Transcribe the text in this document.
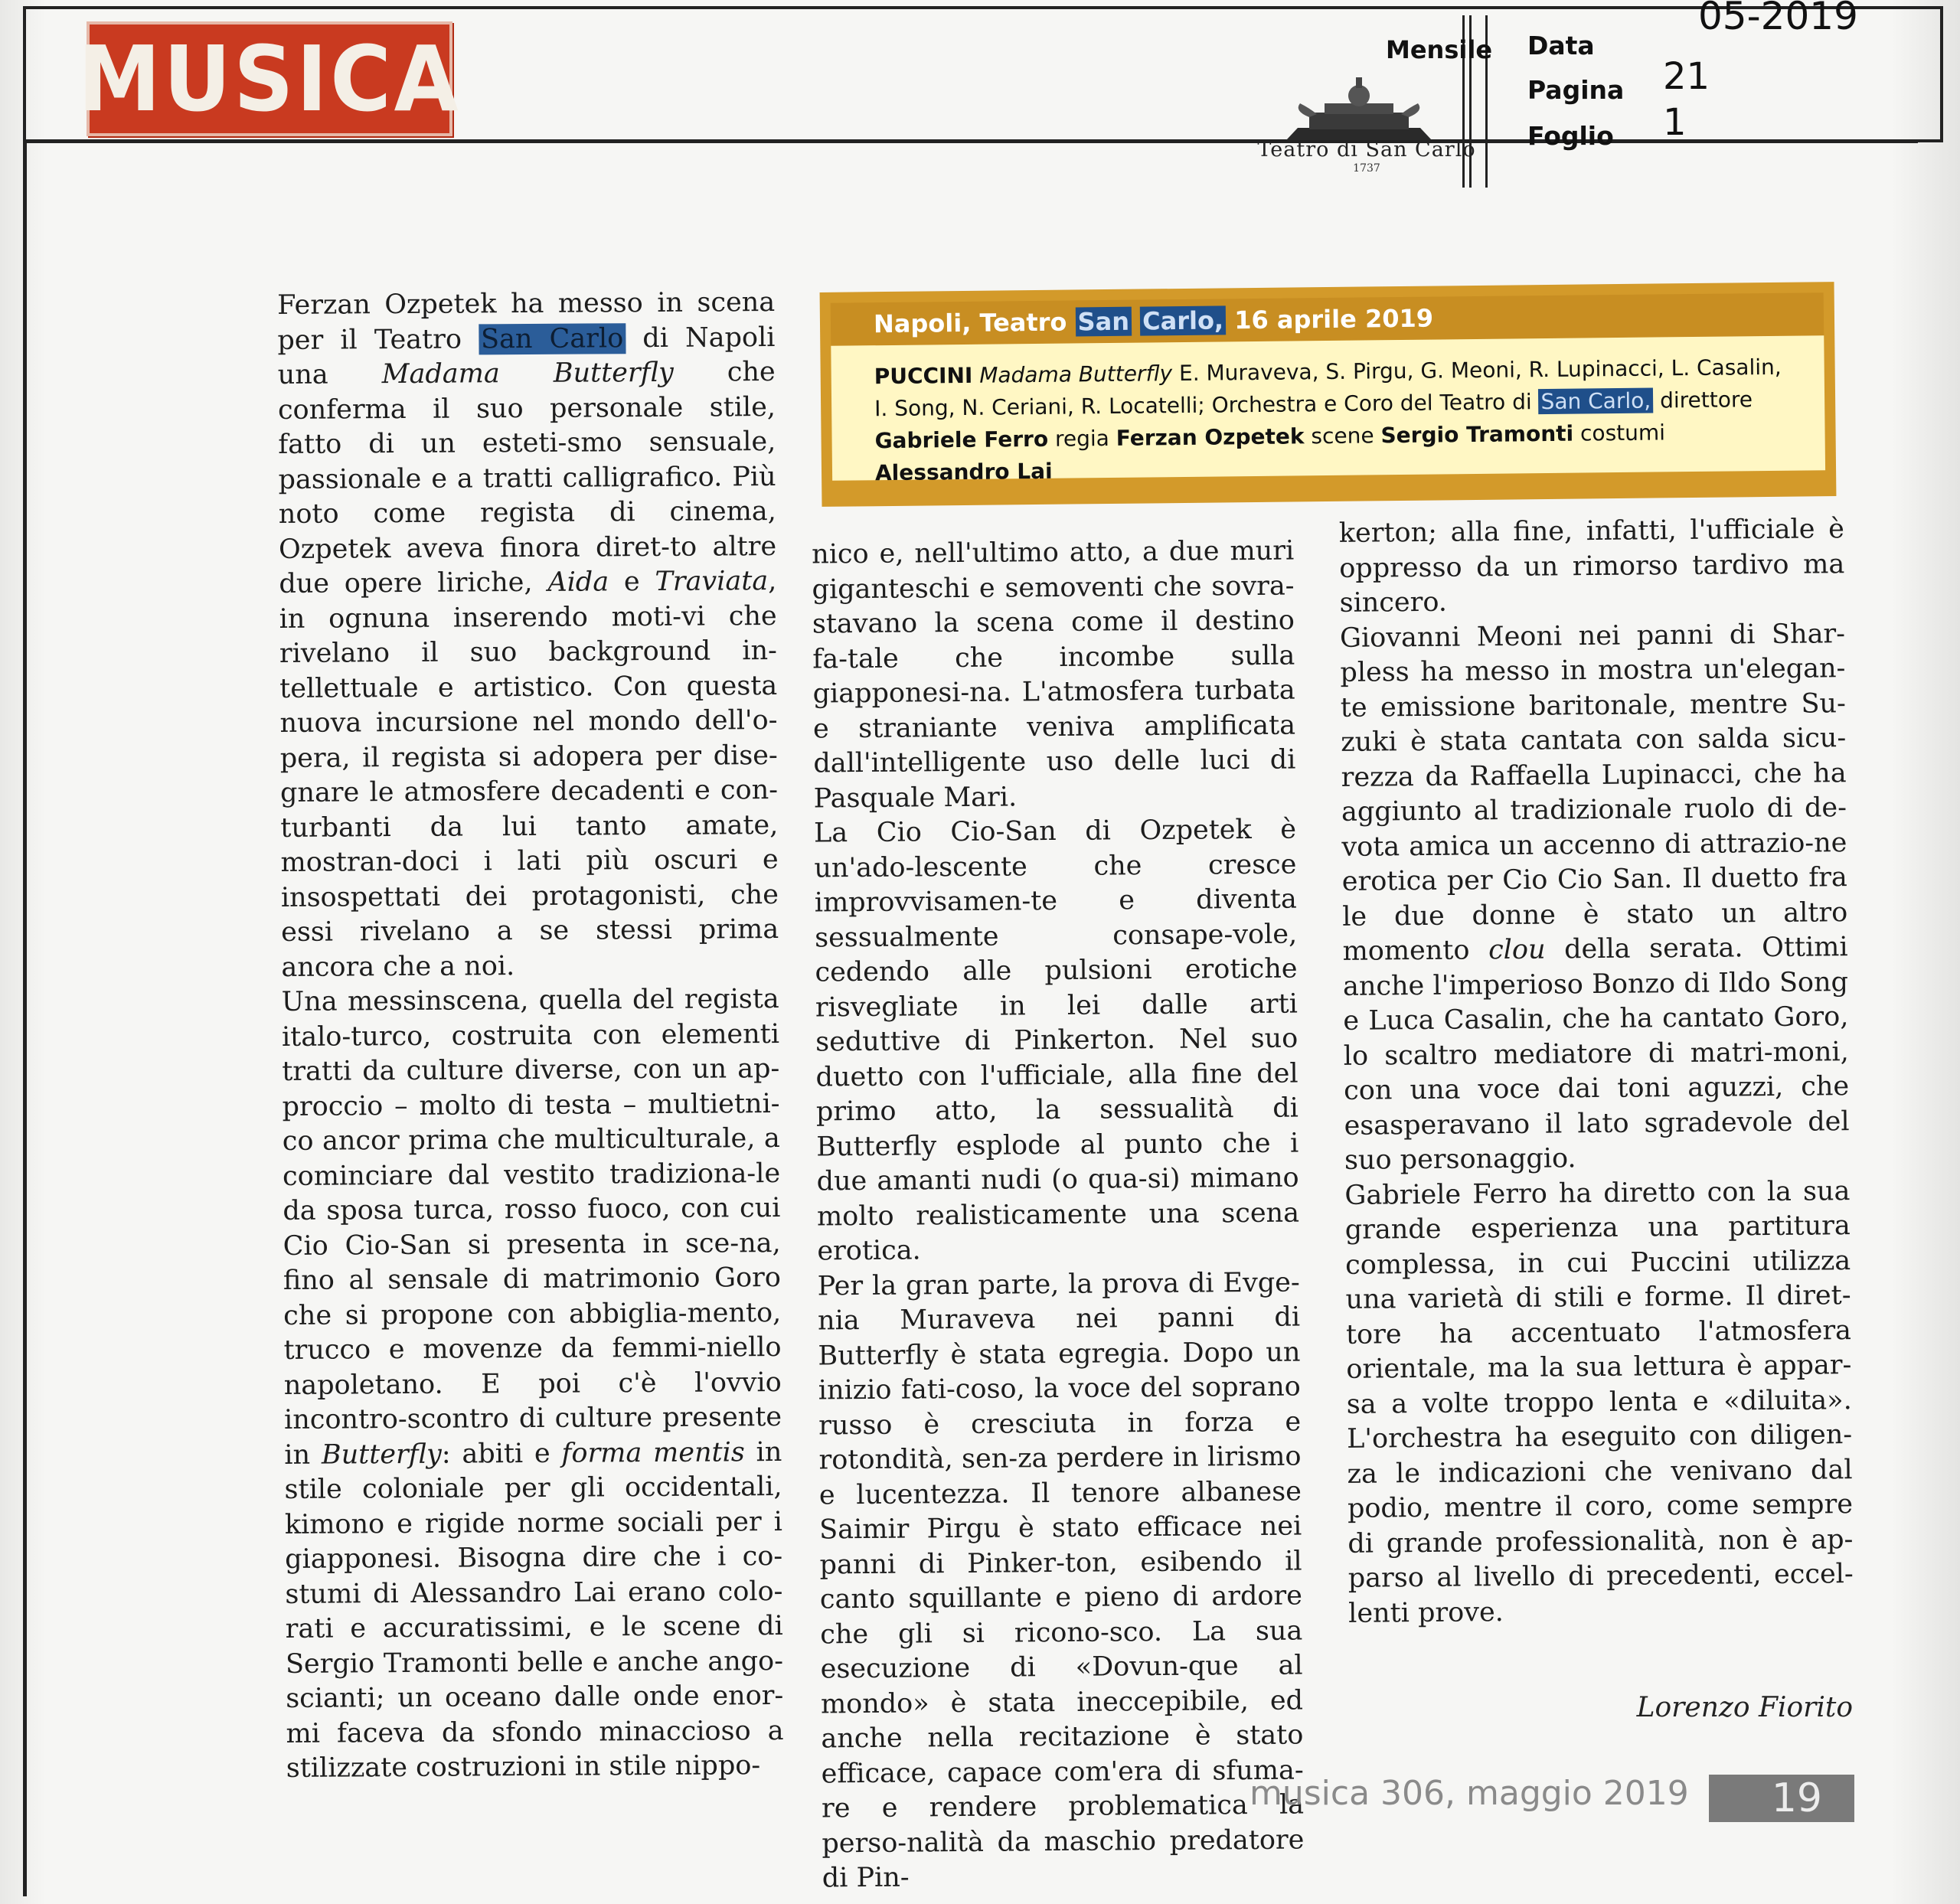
MUSICA	Mensile
Teatro di San Carlo
1737
Data
05-2019
Pagina 21
Foglio 1
Napoli, Teatro
San
Carlo,
16 aprile 2019
PUCCINI Madama Butterfly E. Muraveva, S. Pirgu, G. Meoni, R. Lupinacci, L. Casalin, I. Song, N. Ceriani, R. Locatelli; Orchestra e Coro del Teatro di San Carlo, direttore Gabriele Ferro regia Ferzan Ozpetek scene Sergio Tramonti costumi Alessandro Lai

Ferzan Ozpetek ha messo in scena per il Teatro San Carlo di Napoli una Madama Butterfly che conferma il suo personale stile, fatto di un esteti-smo sensuale, passionale e a tratti calligrafico. Più noto come regista di cinema, Ozpetek aveva finora diret-to altre due opere liriche, Aida e Traviata, in ognuna inserendo moti-vi che rivelano il suo background in-tellettuale e artistico. Con questa nuova incursione nel mondo dell'o-pera, il regista si adopera per dise-gnare le atmosfere decadenti e con-turbanti da lui tanto amate, mostran-doci i lati più oscuri e insospettati dei protagonisti, che essi rivelano a se stessi prima ancora che a noi.

Una messinscena, quella del regista italo-turco, costruita con elementi tratti da culture diverse, con un ap-proccio – molto di testa – multietni-co ancor prima che multiculturale, a cominciare dal vestito tradiziona-le da sposa turca, rosso fuoco, con cui Cio Cio-San si presenta in sce-na, fino al sensale di matrimonio Goro che si propone con abbiglia-mento, trucco e movenze da femmi-niello napoletano. E poi c'è l'ovvio incontro-scontro di culture presente in Butterfly: abiti e forma mentis in stile coloniale per gli occidentali, kimono e rigide norme sociali per i giapponesi. Bisogna dire che i co-stumi di Alessandro Lai erano colo-rati e accuratissimi, e le scene di Sergio Tramonti belle e anche ango-scianti; un oceano dalle onde enor-mi faceva da sfondo minaccioso a stilizzate costruzioni in stile nippo-

nico e, nell'ultimo atto, a due muri giganteschi e semoventi che sovra-stavano la scena come il destino fa-tale che incombe sulla giapponesi-na. L'atmosfera turbata e straniante veniva amplificata dall'intelligente uso delle luci di Pasquale Mari.

La Cio Cio-San di Ozpetek è un'ado-lescente che cresce improvvisamen-te e diventa sessualmente consape-vole, cedendo alle pulsioni erotiche risvegliate in lei dalle arti seduttive di Pinkerton. Nel suo duetto con l'ufficiale, alla fine del primo atto, la sessualità di Butterfly esplode al punto che i due amanti nudi (o qua-si) mimano molto realisticamente una scena erotica.

Per la gran parte, la prova di Evge-nia Muraveva nei panni di Butterfly è stata egregia. Dopo un inizio fati-coso, la voce del soprano russo è cresciuta in forza e rotondità, sen-za perdere in lirismo e lucentezza. Il tenore albanese Saimir Pirgu è stato efficace nei panni di Pinker-ton, esibendo il canto squillante e pieno di ardore che gli si ricono-sco. La sua esecuzione di «Dovun-que al mondo» è stata ineccepibile, ed anche nella recitazione è stato efficace, capace com'era di sfuma-re e rendere problematica la perso-nalità da maschio predatore di Pin-

kerton; alla fine, infatti, l'ufficiale è oppresso da un rimorso tardivo ma sincero.

Giovanni Meoni nei panni di Shar-pless ha messo in mostra un'elegan-te emissione baritonale, mentre Su-zuki è stata cantata con salda sicu-rezza da Raffaella Lupinacci, che ha aggiunto al tradizionale ruolo di de-vota amica un accenno di attrazio-ne erotica per Cio Cio San. Il duetto fra le due donne è stato un altro momento clou della serata. Ottimi anche l'imperioso Bonzo di Ildo Song e Luca Casalin, che ha cantato Goro, lo scaltro mediatore di matri-moni, con una voce dai toni aguzzi, che esasperavano il lato sgradevole del suo personaggio.

Gabriele Ferro ha diretto con la sua grande esperienza una partitura complessa, in cui Puccini utilizza una varietà di stili e forme. Il diret-tore ha accentuato l'atmosfera orientale, ma la sua lettura è appar-sa a volte troppo lenta e «diluita». L'orchestra ha eseguito con diligen-za le indicazioni che venivano dal podio, mentre il coro, come sempre di grande professionalità, non è ap-parso al livello di precedenti, eccel-lenti prove.

Lorenzo Fiorito
musica 306, maggio 2019	19
